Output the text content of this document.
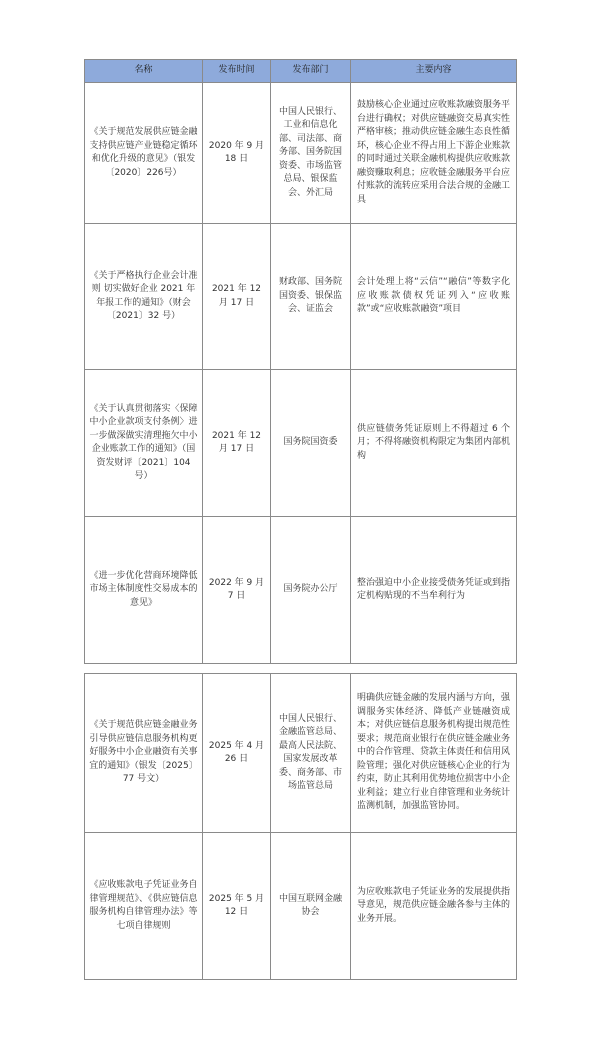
名称	发布时间	发布部门	主要内容
《关于规范发展供应链金融支持供应链产业链稳定循环和优化升级的意见》（银发〔2020〕226号）	2020 年 9 月 18 日	中国人民银行、工业和信息化部、司法部、商务部、国务院国资委、市场监管总局、银保监会、外汇局	鼓励核心企业通过应收账款融资服务平台进行确权；对供应链融资交易真实性严格审核；推动供应链金融生态良性循环，核心企业不得占用上下游企业账款的同时通过关联金融机构提供应收账款融资赚取利息；应收链金融服务平台应付账款的流转应采用合法合规的金融工具
《关于严格执行企业会计准则 切实做好企业 2021 年年报工作的通知》（财会〔2021〕32 号）	2021 年 12 月 17 日	财政部、国务院国资委、银保监会、证监会	会计处理上将“云信”“融信”等数字化应收账款债权凭证列入“应收账款”或“应收账款融资”项目
《关于认真贯彻落实〈保障中小企业款项支付条例〉进一步做深做实清理拖欠中小企业账款工作的通知》（国资发财评〔2021〕104 号）	2021 年 12 月 17 日	国务院国资委	供应链债务凭证原则上不得超过 6 个月；不得将融资机构限定为集团内部机构
《进一步优化营商环境降低市场主体制度性交易成本的意见》	2022 年 9 月 7 日	国务院办公厅	整治强迫中小企业接受债务凭证或到指定机构贴现的不当牟利行为
《关于规范供应链金融业务引导供应链信息服务机构更好服务中小企业融资有关事宜的通知》（银发〔2025〕77 号文）	2025 年 4 月 26 日	中国人民银行、金融监管总局、最高人民法院、国家发展改革委、商务部、市场监管总局	明确供应链金融的发展内涵与方向，强调服务实体经济、降低产业链融资成本；对供应链信息服务机构提出规范性要求；规范商业银行在供应链金融业务中的合作管理、贷款主体责任和信用风险管理；强化对供应链核心企业的行为约束，防止其利用优势地位损害中小企业利益；建立行业自律管理和业务统计监测机制，加强监管协同。
《应收账款电子凭证业务自律管理规范》、《供应链信息服务机构自律管理办法》等七项自律规则	2025 年 5 月 12 日	中国互联网金融协会	为应收账款电子凭证业务的发展提供指导意见，规范供应链金融各参与主体的业务开展。
